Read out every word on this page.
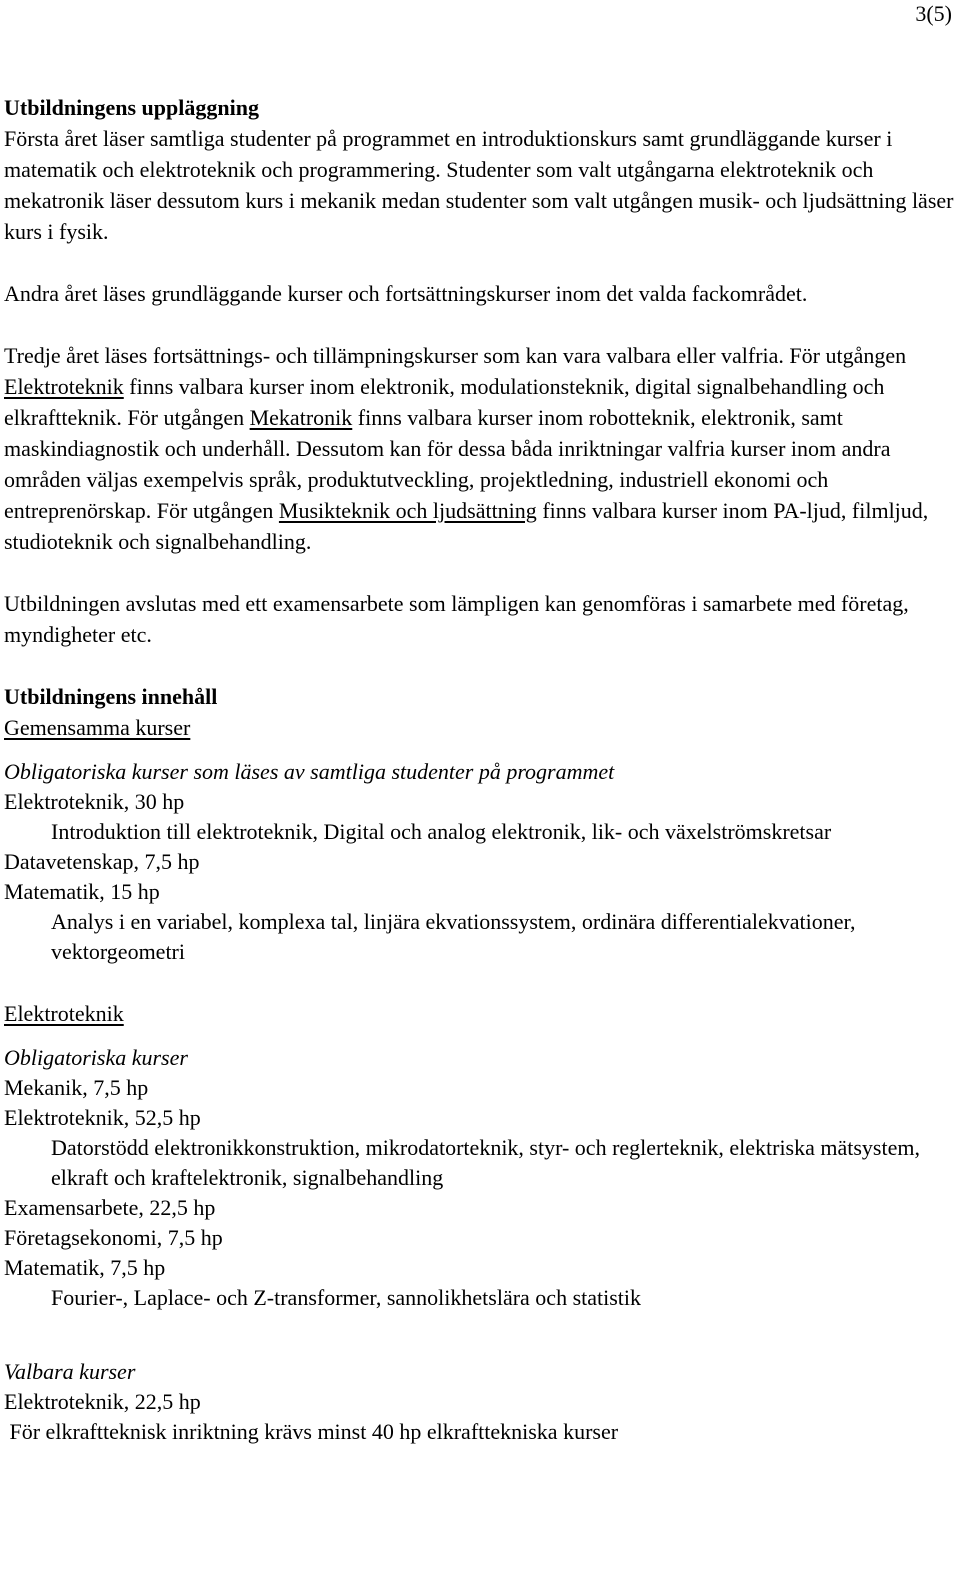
3(5)
Utbildningens uppläggning

Första året läser samtliga studenter på programmet en introduktionskurs samt grundläggande kurser i matematik och elektroteknik och programmering. Studenter som valt utgångarna elektroteknik och mekatronik läser dessutom kurs i mekanik medan studenter som valt utgången musik- och ljudsättning läser kurs i fysik.

Andra året läses grundläggande kurser och fortsättningskurser inom det valda fackområdet.

Tredje året läses fortsättnings- och tillämpningskurser som kan vara valbara eller valfria. För utgången Elektroteknik finns valbara kurser inom elektronik, modulationsteknik, digital signalbehandling och elkraftteknik. För utgången Mekatronik finns valbara kurser inom robotteknik, elektronik, samt maskindiagnostik och underhåll. Dessutom kan för dessa båda inriktningar valfria kurser inom andra områden väljas exempelvis språk, produktutveckling, projektledning, industriell ekonomi och entreprenörskap. För utgången Musikteknik och ljudsättning finns valbara kurser inom PA-ljud, filmljud, studioteknik och signalbehandling.

Utbildningen avslutas med ett examensarbete som lämpligen kan genomföras i samarbete med företag, myndigheter etc.

Utbildningens innehåll
Gemensamma kurser
Obligatoriska kurser som läses av samtliga studenter på programmet
Elektroteknik, 30 hp
Introduktion till elektroteknik, Digital och analog elektronik, lik- och växelströmskretsar
Datavetenskap, 7,5 hp
Matematik, 15 hp
Analys i en variabel, komplexa tal, linjära ekvationssystem, ordinära differentialekvationer, vektorgeometri
Elektroteknik
Obligatoriska kurser
Mekanik, 7,5 hp
Elektroteknik, 52,5 hp
Datorstödd elektronikkonstruktion, mikrodatorteknik, styr- och reglerteknik, elektriska mätsystem, elkraft och kraftelektronik, signalbehandling
Examensarbete, 22,5 hp
Företagsekonomi, 7,5 hp
Matematik, 7,5 hp
Fourier-, Laplace- och Z-transformer, sannolikhetslära och statistik
Valbara kurser
Elektroteknik, 22,5 hp
För elkraftteknisk inriktning krävs minst 40 hp elkrafttekniska kurser
